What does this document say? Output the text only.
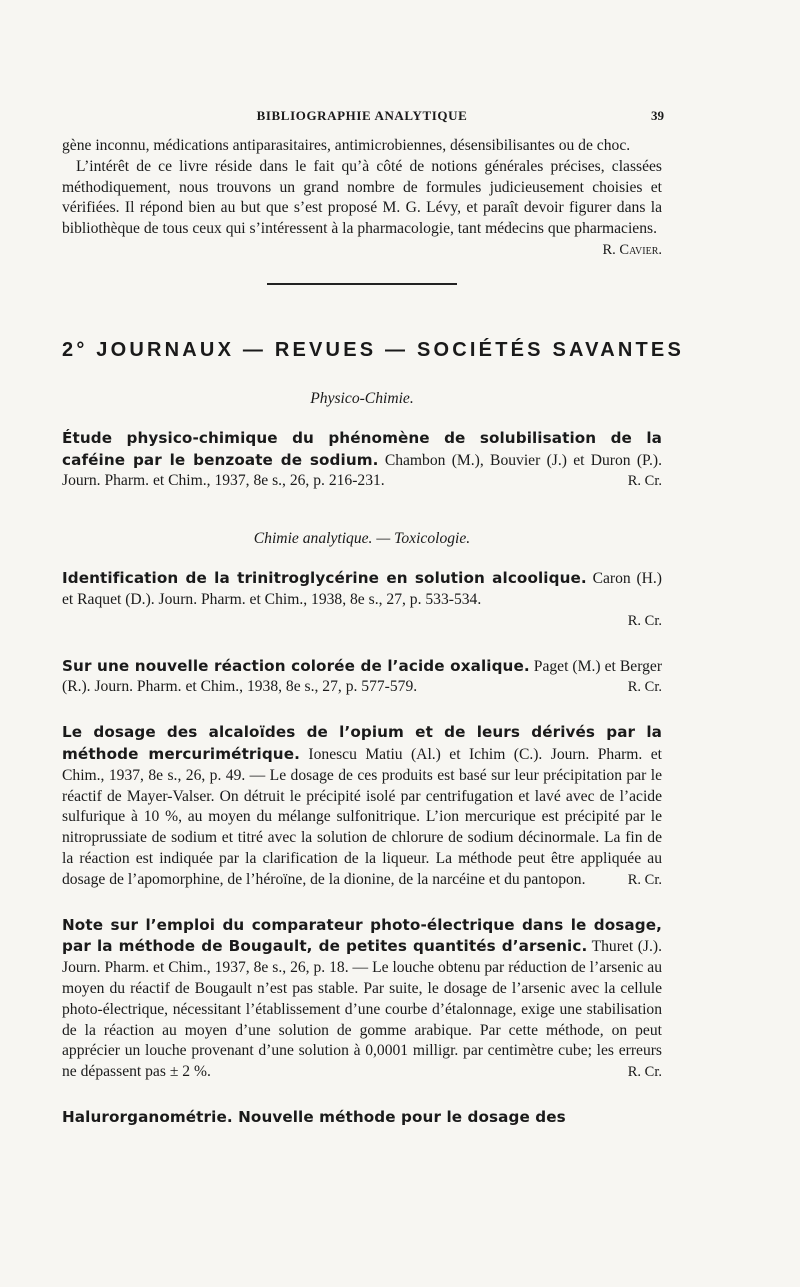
BIBLIOGRAPHIE ANALYTIQUE	39

gène inconnu, médications antiparasitaires, antimicrobiennes, désensibilisantes ou de choc.

L’intérêt de ce livre réside dans le fait qu’à côté de notions générales précises, classées méthodiquement, nous trouvons un grand nombre de formules judicieusement choisies et vérifiées. Il répond bien au but que s’est proposé M. G. Lévy, et paraît devoir figurer dans la bibliothèque de tous ceux qui s’intéressent à la pharmacologie, tant médecins que pharmaciens.

R. Cavier.

2° JOURNAUX — REVUES — SOCIÉTÉS SAVANTES
Physico-Chimie.

Étude physico-chimique du phénomène de solubilisation de la caféine par le benzoate de sodium. Chambon (M.), Bouvier (J.) et Duron (P.). Journ. Pharm. et Chim., 1937, 8e s., 26, p. 216-231.	R. Cr.

Chimie analytique. — Toxicologie.

Identification de la trinitroglycérine en solution alcoolique. Caron (H.) et Raquet (D.). Journ. Pharm. et Chim., 1938, 8e s., 27, p. 533-534.

R. Cr.

Sur une nouvelle réaction colorée de l’acide oxalique. Paget (M.) et Berger (R.). Journ. Pharm. et Chim., 1938, 8e s., 27, p. 577-579.	R. Cr.

Le dosage des alcaloïdes de l’opium et de leurs dérivés par la méthode mercurimétrique. Ionescu Matiu (Al.) et Ichim (C.). Journ. Pharm. et Chim., 1937, 8e s., 26, p. 49. — Le dosage de ces produits est basé sur leur précipitation par le réactif de Mayer-Valser. On détruit le précipité isolé par centrifugation et lavé avec de l’acide sulfurique à 10 %, au moyen du mélange sulfonitrique. L’ion mercurique est précipité par le nitroprussiate de sodium et titré avec la solution de chlorure de sodium décinormale. La fin de la réaction est indiquée par la clarification de la liqueur. La méthode peut être appliquée au dosage de l’apomorphine, de l’héroïne, de la dionine, de la narcéine et du pantopon.	R. Cr.

Note sur l’emploi du comparateur photo-électrique dans le dosage, par la méthode de Bougault, de petites quantités d’arsenic. Thuret (J.). Journ. Pharm. et Chim., 1937, 8e s., 26, p. 18. — Le louche obtenu par réduction de l’arsenic au moyen du réactif de Bougault n’est pas stable. Par suite, le dosage de l’arsenic avec la cellule photo-électrique, nécessitant l’établissement d’une courbe d’étalonnage, exige une stabilisation de la réaction au moyen d’une solution de gomme arabique. Par cette méthode, on peut apprécier un louche provenant d’une solution à 0,0001 milligr. par centimètre cube; les erreurs ne dépassent pas ± 2 %.	R. Cr.

Halurorganométrie. Nouvelle méthode pour le dosage des
